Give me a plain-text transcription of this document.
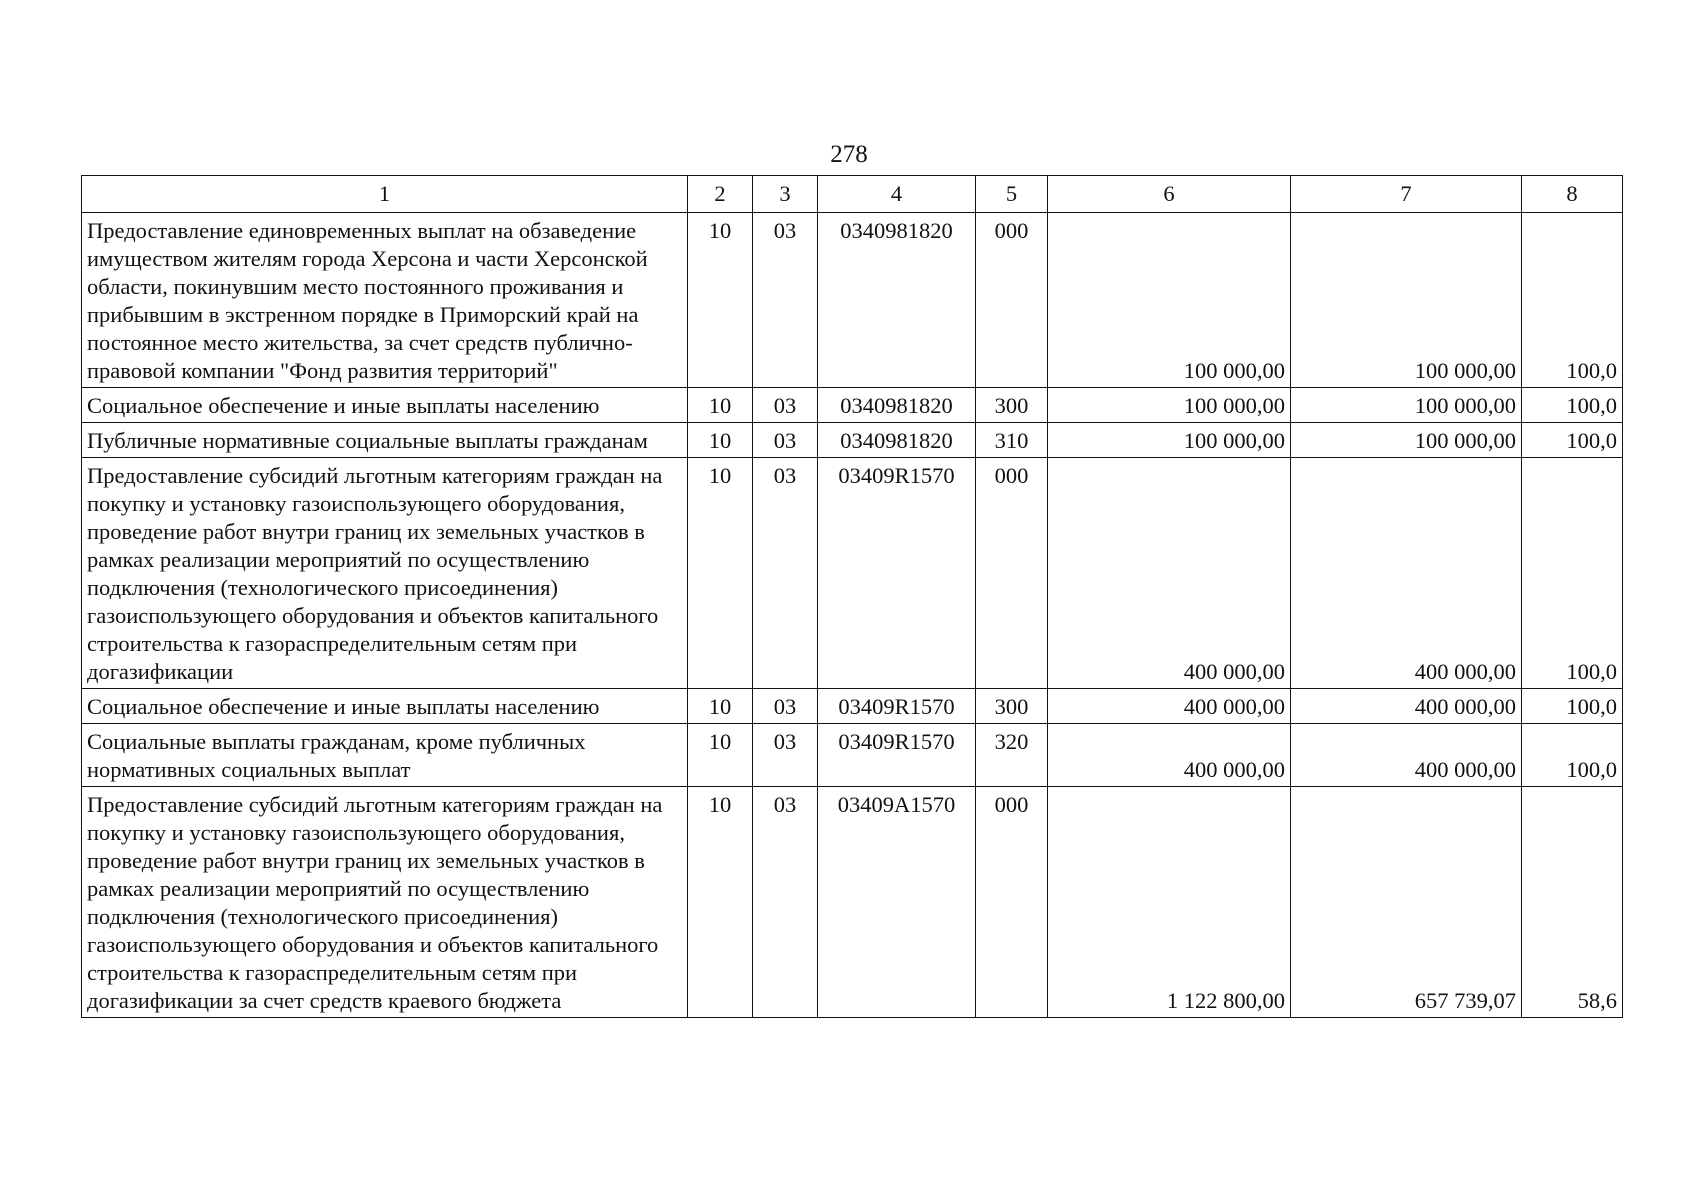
278
1	2	3	4	5	6	7	8
Предоставление единовременных выплат на обзаведение имуществом жителям города Херсона и части Херсонской области, покинувшим место постоянного проживания и прибывшим в экстренном порядке в Приморский край на постоянное место жительства, за счет средств публично-правовой компании "Фонд развития территорий"	10	03	0340981820	000	100 000,00	100 000,00	100,0
Социальное обеспечение и иные выплаты населению	10	03	0340981820	300	100 000,00	100 000,00	100,0
Публичные нормативные социальные выплаты гражданам	10	03	0340981820	310	100 000,00	100 000,00	100,0
Предоставление субсидий льготным категориям граждан на покупку и установку газоиспользующего оборудования, проведение работ внутри границ их земельных участков в рамках реализации мероприятий по осуществлению подключения (технологического присоединения) газоиспользующего оборудования и объектов капитального строительства к газораспределительным сетям при догазификации	10	03	03409R1570	000	400 000,00	400 000,00	100,0
Социальное обеспечение и иные выплаты населению	10	03	03409R1570	300	400 000,00	400 000,00	100,0
Социальные выплаты гражданам, кроме публичных нормативных социальных выплат	10	03	03409R1570	320	400 000,00	400 000,00	100,0
Предоставление субсидий льготным категориям граждан на покупку и установку газоиспользующего оборудования, проведение работ внутри границ их земельных участков в рамках реализации мероприятий по осуществлению подключения (технологического присоединения) газоиспользующего оборудования и объектов капитального строительства к газораспределительным сетям при догазификации за счет средств краевого бюджета	10	03	03409A1570	000	1 122 800,00	657 739,07	58,6
